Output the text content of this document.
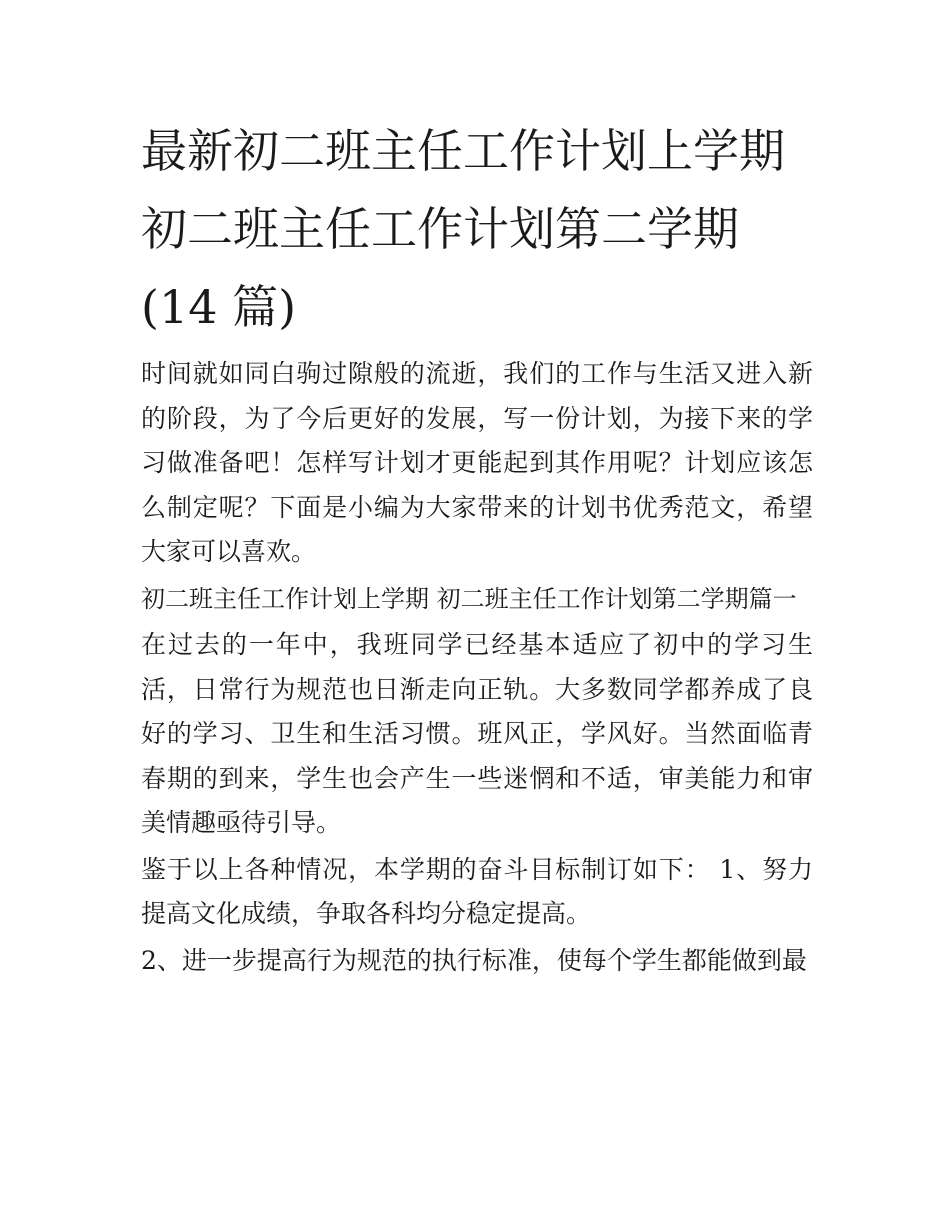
最新初二班主任工作计划上学期 初二班主任工作计划第二学期(14 篇)

时间就如同白驹过隙般的流逝，我们的工作与生活又进入新的阶段，为了今后更好的发展，写一份计划，为接下来的学习做准备吧！怎样写计划才更能起到其作用呢？计划应该怎么制定呢？下面是小编为大家带来的计划书优秀范文，希望大家可以喜欢。

初二班主任工作计划上学期 初二班主任工作计划第二学期篇一

在过去的一年中，我班同学已经基本适应了初中的学习生活，日常行为规范也日渐走向正轨。大多数同学都养成了良好的学习、卫生和生活习惯。班风正，学风好。当然面临青春期的到来，学生也会产生一些迷惘和不适，审美能力和审美情趣亟待引导。

鉴于以上各种情况，本学期的奋斗目标制订如下： 1、努力提高文化成绩，争取各科均分稳定提高。

2、进一步提高行为规范的执行标准，使每个学生都能做到最
